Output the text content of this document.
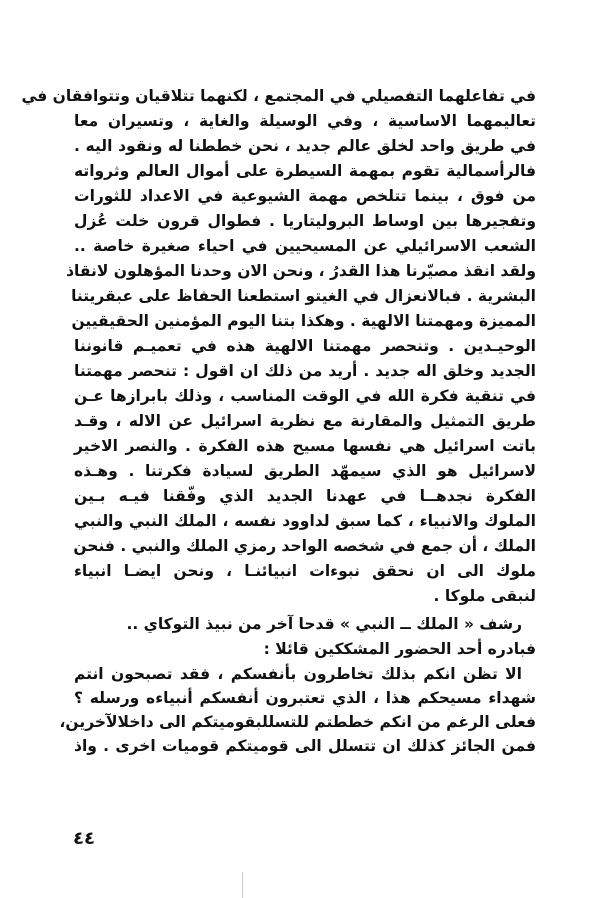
في تفاعلهما التفصيلي في المجتمع ، لكنهما تتلاقيان وتتوافقان في
تعاليمهما الاساسية ، وفي الوسيلة والغاية ، وتسيران معا
في طريق واحد لخلق عالم جديد ، نحن خططنا له ونقود اليه .
فالرأسمالية تقوم بمهمة السيطرة على أموال العالم وثرواته
من فوق ، بينما تتلخص مهمة الشيوعية في الاعداد للثورات
وتفجيرها بين اوساط البروليتاريا . فطوال قرون خلت عُزل
الشعب الاسرائيلي عن المسيحيين في احياء صغيرة خاصة ..
ولقد انقذ مصيّرنا هذا القدرُ ، ونحن الان وحدنا المؤهلون لانقاذ
البشرية . فبالانعزال في الغيتو استطعنا الحفاظ على عبقريتنا
المميزة ومهمتنا الالهية . وهكذا بتنا اليوم المؤمنين الحقيقيين
الوحيـدين . وتنحصر مهمتنا الالهية هذه في تعميـم قانوننا
الجديد وخلق اله جديد . أريد من ذلك ان اقول : تنحصر مهمتنا
في تنقية فكرة الله في الوقت المناسب ، وذلك بابرازها عـن
طريق التمثيل والمقارنة مع نظرية اسرائيل عن الاله ، وقـد
باتت اسرائيل هي نفسها مسيح هذه الفكرة . والنصر الاخير
لاسرائيل هو الذي سيمهّد الطريق لسيادة فكرتنا . وهـذه
الفكرة نجدهــا في عهدنا الجديد الذي وفّقنا فيـه بـين
الملوك والانبياء ، كما سبق لداوود نفسه ، الملك النبي والنبي
الملك ، أن جمع في شخصه الواحد رمزي الملك والنبي . فنحن
ملوك الى ان نحقق نبوءات انبيائنـا ، ونحن ايضـا انبياء
لنبقى ملوكا .
رشف « الملك ــ النبي » قدحا آخر من نبيذ التوكاي ..
فبادره أحد الحضور المشككين قائلا :
الا تظن انكم بذلك تخاطرون بأنفسكم ، فقد تصبحون انتم
شهداء مسيحكم هذا ، الذي تعتبرون أنفسكم أنبياءه ورسله ؟
فعلى الرغم من انكم خططتم للتسللبقوميتكم الى داخلالآخرين،
فمن الجائز كذلك ان تتسلل الى قوميتكم قوميات اخرى . واذ
٤٤
